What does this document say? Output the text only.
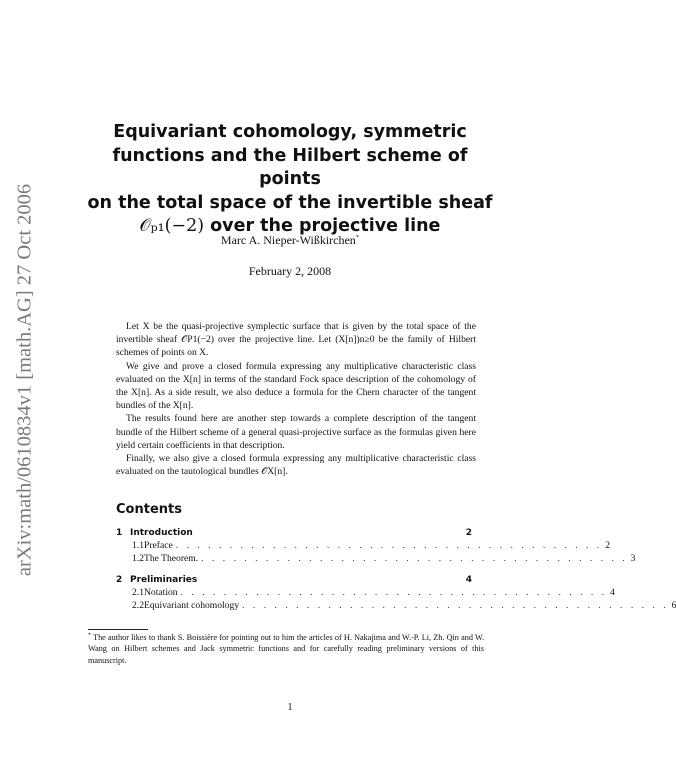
arXiv:math/0610834v1 [math.AG] 27 Oct 2006
Equivariant cohomology, symmetric
functions and the Hilbert scheme of points
on the total space of the invertible sheaf
𝒪ₚ₁(−2) over the projective line
Marc A. Nieper-Wißkirchen*
February 2, 2008

Let X be the quasi-projective symplectic surface that is given by the total space of the invertible sheaf 𝒪P1(−2) over the projective line. Let (X[n])n≥0 be the family of Hilbert schemes of points on X.

We give and prove a closed formula expressing any multiplicative characteristic class evaluated on the X[n] in terms of the standard Fock space description of the cohomology of the X[n]. As a side result, we also deduce a formula for the Chern character of the tangent bundles of the X[n].

The results found here are another step towards a complete description of the tangent bundle of the Hilbert scheme of a general quasi-projective surface as the formulas given here yield certain coefficients in that description.

Finally, we also give a closed formula expressing any multiplicative characteristic class evaluated on the tautological bundles 𝒪X[n].

Contents
1 Introduction	2
1.1 Preface . . . . . . . . . . . . . . . . . . . . . . . . . . . . . . . . . . . . . . . . 2
1.2 The Theorem. . . . . . . . . . . . . . . . . . . . . . . . . . . . . . . . . . . . . . . . . 3
2 Preliminaries	4
2.1 Notation . . . . . . . . . . . . . . . . . . . . . . . . . . . . . . . . . . . . . . . . 4
2.2 Equivariant cohomology . . . . . . . . . . . . . . . . . . . . . . . . . . . . . . . . . . . . . . . . 6
* The author likes to thank S. Boissière for pointing out to him the articles of H. Nakajima and W.-P. Li, Zh. Qin and W. Wang on Hilbert schemes and Jack symmetric functions and for carefully reading preliminary versions of this manuscript.
1
